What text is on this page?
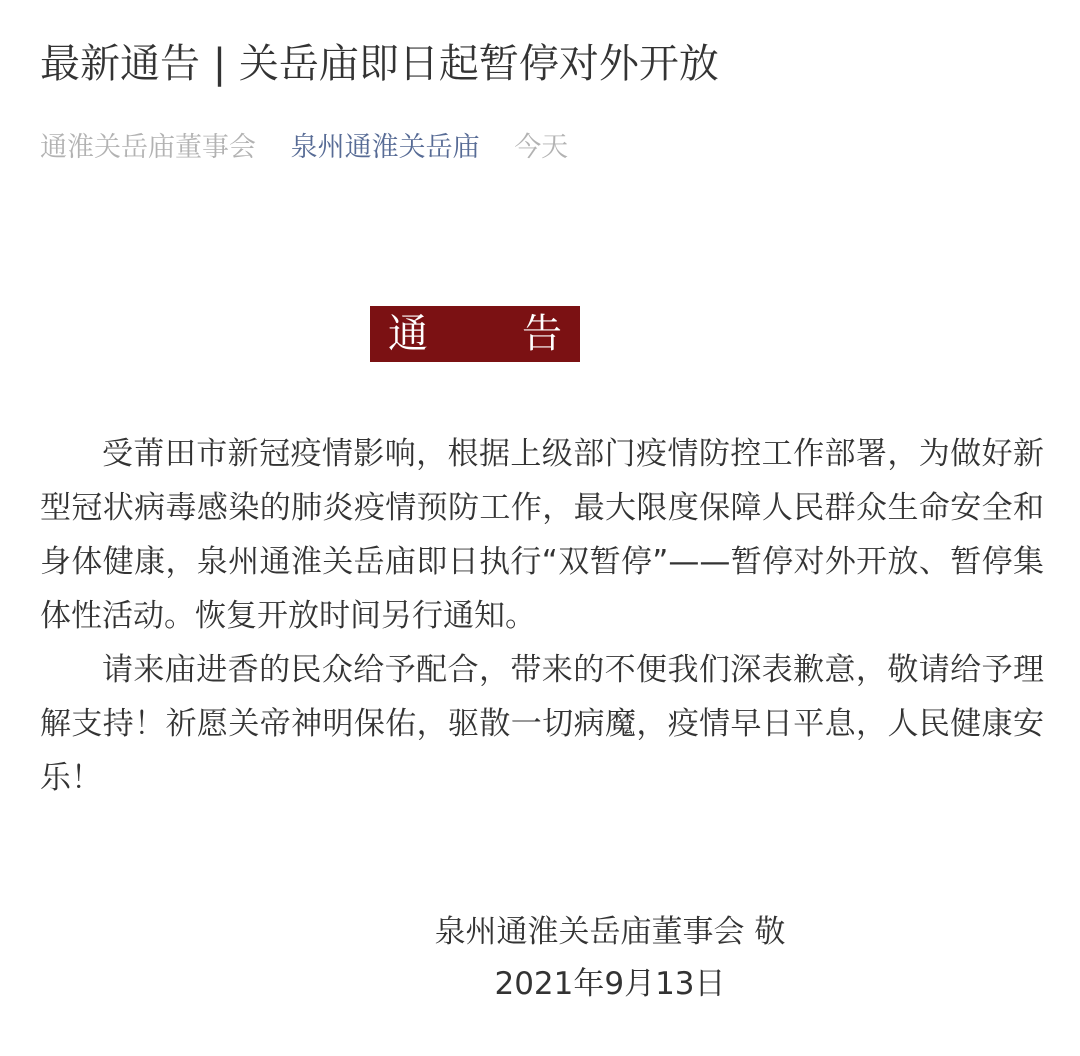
最新通告 | 关岳庙即日起暂停对外开放
通淮关岳庙董事会 泉州通淮关岳庙 今天
通 告

受莆田市新冠疫情影响，根据上级部门疫情防控工作部署，为做好新型冠状病毒感染的肺炎疫情预防工作，最大限度保障人民群众生命安全和身体健康，泉州通淮关岳庙即日执行“双暂停”——暂停对外开放、暂停集体性活动。恢复开放时间另行通知。

请来庙进香的民众给予配合，带来的不便我们深表歉意，敬请给予理解支持！祈愿关帝神明保佑，驱散一切病魔，疫情早日平息，人民健康安乐！

泉州通淮关岳庙董事会 敬
2021年9月13日
